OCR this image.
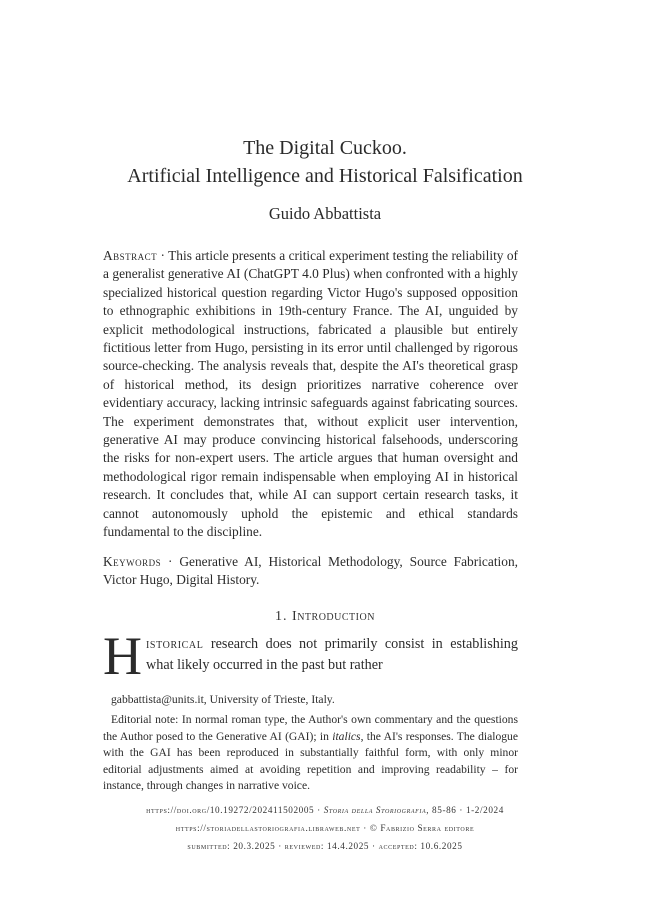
The Digital Cuckoo.
Artificial Intelligence and Historical Falsification
Guido Abbattista
Abstract · This article presents a critical experiment testing the reliability of a generalist generative AI (ChatGPT 4.0 Plus) when confronted with a highly specialized historical question regarding Victor Hugo's supposed opposition to ethnographic exhibitions in 19th-century France. The AI, unguided by explicit methodological instructions, fabricated a plausible but entirely fictitious letter from Hugo, persisting in its error until challenged by rigorous source-checking. The analysis reveals that, despite the AI's theoretical grasp of historical method, its design prioritizes narrative coherence over evidentiary accuracy, lacking intrinsic safeguards against fabricating sources. The experiment demonstrates that, without explicit user intervention, generative AI may produce convincing historical falsehoods, underscoring the risks for non-expert users. The article argues that human oversight and methodological rigor remain indispensable when employing AI in historical research. It concludes that, while AI can support certain research tasks, it cannot autonomously uphold the epistemic and ethical standards fundamental to the discipline.
Keywords · Generative AI, Historical Methodology, Source Fabrication, Victor Hugo, Digital History.
1. Introduction
Historical research does not primarily consist in establishing what likely occurred in the past but rather

gabbattista@units.it, University of Trieste, Italy.

Editorial note: In normal roman type, the Author's own commentary and the questions the Author posed to the Generative AI (GAI); in italics, the AI's responses. The dialogue with the GAI has been reproduced in substantially faithful form, with only minor editorial adjustments aimed at avoiding repetition and improving readability – for instance, through changes in narrative voice.

https://doi.org/10.19272/202411502005 · Storia della Storiografia, 85-86 · 1-2/2024
https://storiadellastoriografia.libraweb.net · © Fabrizio Serra editore
submitted: 20.3.2025 · reviewed: 14.4.2025 · accepted: 10.6.2025
